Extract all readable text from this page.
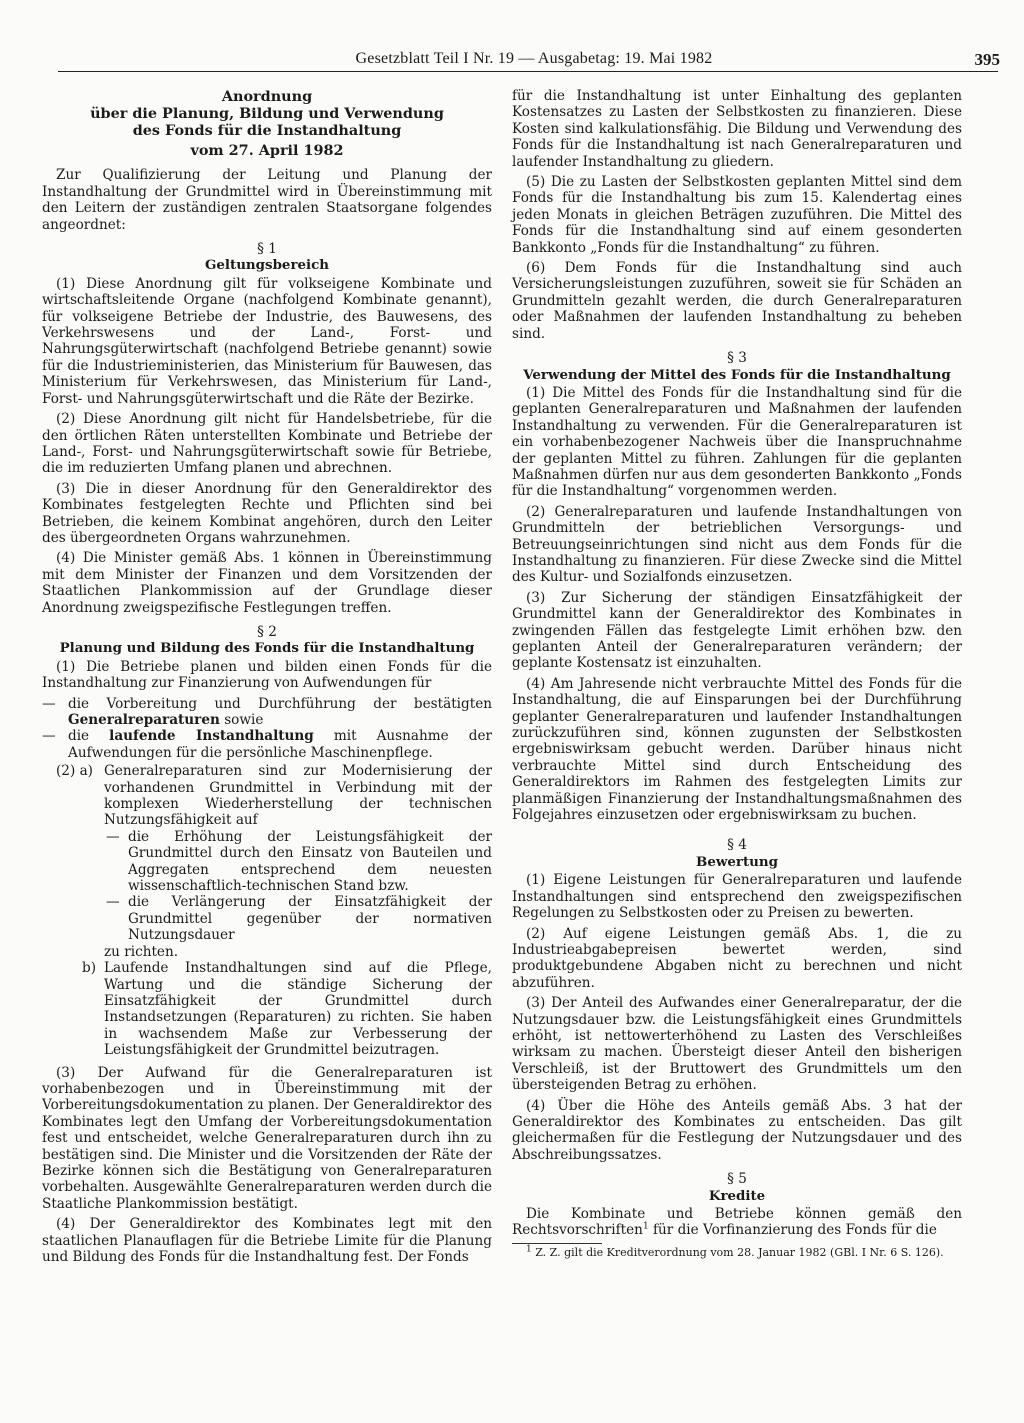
Gesetzblatt Teil I Nr. 19 — Ausgabetag: 19. Mai 1982	395
Anordnung
über die Planung, Bildung und Verwendung
des Fonds für die Instandhaltung
vom 27. April 1982

Zur Qualifizierung der Leitung und Planung der Instandhaltung der Grundmittel wird in Übereinstimmung mit den Leitern der zuständigen zentralen Staatsorgane folgendes angeordnet:

§ 1
Geltungsbereich

(1) Diese Anordnung gilt für volkseigene Kombinate und wirtschaftsleitende Organe (nachfolgend Kombinate genannt), für volkseigene Betriebe der Industrie, des Bauwesens, des Verkehrswesens und der Land-, Forst- und Nahrungsgüterwirtschaft (nachfolgend Betriebe genannt) sowie für die Industrieministerien, das Ministerium für Bauwesen, das Ministerium für Verkehrswesen, das Ministerium für Land-, Forst- und Nahrungsgüterwirtschaft und die Räte der Bezirke.

(2) Diese Anordnung gilt nicht für Handelsbetriebe, für die den örtlichen Räten unterstellten Kombinate und Betriebe der Land-, Forst- und Nahrungsgüterwirtschaft sowie für Betriebe, die im reduzierten Umfang planen und abrechnen.

(3) Die in dieser Anordnung für den Generaldirektor des Kombinates festgelegten Rechte und Pflichten sind bei Betrieben, die keinem Kombinat angehören, durch den Leiter des übergeordneten Organs wahrzunehmen.

(4) Die Minister gemäß Abs. 1 können in Übereinstimmung mit dem Minister der Finanzen und dem Vorsitzenden der Staatlichen Plankommission auf der Grundlage dieser Anordnung zweigspezifische Festlegungen treffen.

§ 2
Planung und Bildung des Fonds für die Instandhaltung

(1) Die Betriebe planen und bilden einen Fonds für die Instandhaltung zur Finanzierung von Aufwendungen für

— die Vorbereitung und Durchführung der bestätigten Generalreparaturen sowie
— die laufende Instandhaltung mit Ausnahme der Aufwendungen für die persönliche Maschinenpflege.
(2) a) Generalreparaturen sind zur Modernisierung der vorhandenen Grundmittel in Verbindung mit der komplexen Wiederherstellung der technischen Nutzungsfähigkeit auf
— die Erhöhung der Leistungsfähigkeit der Grundmittel durch den Einsatz von Bauteilen und Aggregaten entsprechend dem neuesten wissenschaftlich-technischen Stand bzw.
— die Verlängerung der Einsatzfähigkeit der Grundmittel gegenüber der normativen Nutzungsdauer
zu richten.
b) Laufende Instandhaltungen sind auf die Pflege, Wartung und die ständige Sicherung der Einsatzfähigkeit der Grundmittel durch Instandsetzungen (Reparaturen) zu richten. Sie haben in wachsendem Maße zur Verbesserung der Leistungsfähigkeit der Grundmittel beizutragen.

(3) Der Aufwand für die Generalreparaturen ist vorhabenbezogen und in Übereinstimmung mit der Vorbereitungsdokumentation zu planen. Der Generaldirektor des Kombinates legt den Umfang der Vorbereitungsdokumentation fest und entscheidet, welche Generalreparaturen durch ihn zu bestätigen sind. Die Minister und die Vorsitzenden der Räte der Bezirke können sich die Bestätigung von Generalreparaturen vorbehalten. Ausgewählte Generalreparaturen werden durch die Staatliche Plankommission bestätigt.

(4) Der Generaldirektor des Kombinates legt mit den staatlichen Planauflagen für die Betriebe Limite für die Planung und Bildung des Fonds für die Instandhaltung fest. Der Fonds

für die Instandhaltung ist unter Einhaltung des geplanten Kostensatzes zu Lasten der Selbstkosten zu finanzieren. Diese Kosten sind kalkulationsfähig. Die Bildung und Verwendung des Fonds für die Instandhaltung ist nach Generalreparaturen und laufender Instandhaltung zu gliedern.

(5) Die zu Lasten der Selbstkosten geplanten Mittel sind dem Fonds für die Instandhaltung bis zum 15. Kalendertag eines jeden Monats in gleichen Beträgen zuzuführen. Die Mittel des Fonds für die Instandhaltung sind auf einem gesonderten Bankkonto „Fonds für die Instandhaltung“ zu führen.

(6) Dem Fonds für die Instandhaltung sind auch Versicherungsleistungen zuzuführen, soweit sie für Schäden an Grundmitteln gezahlt werden, die durch Generalreparaturen oder Maßnahmen der laufenden Instandhaltung zu beheben sind.

§ 3
Verwendung der Mittel des Fonds für die Instandhaltung

(1) Die Mittel des Fonds für die Instandhaltung sind für die geplanten Generalreparaturen und Maßnahmen der laufenden Instandhaltung zu verwenden. Für die Generalreparaturen ist ein vorhabenbezogener Nachweis über die Inanspruchnahme der geplanten Mittel zu führen. Zahlungen für die geplanten Maßnahmen dürfen nur aus dem gesonderten Bankkonto „Fonds für die Instandhaltung“ vorgenommen werden.

(2) Generalreparaturen und laufende Instandhaltungen von Grundmitteln der betrieblichen Versorgungs- und Betreuungseinrichtungen sind nicht aus dem Fonds für die Instandhaltung zu finanzieren. Für diese Zwecke sind die Mittel des Kultur- und Sozialfonds einzusetzen.

(3) Zur Sicherung der ständigen Einsatzfähigkeit der Grundmittel kann der Generaldirektor des Kombinates in zwingenden Fällen das festgelegte Limit erhöhen bzw. den geplanten Anteil der Generalreparaturen verändern; der geplante Kostensatz ist einzuhalten.

(4) Am Jahresende nicht verbrauchte Mittel des Fonds für die Instandhaltung, die auf Einsparungen bei der Durchführung geplanter Generalreparaturen und laufender Instandhaltungen zurückzuführen sind, können zugunsten der Selbstkosten ergebniswirksam gebucht werden. Darüber hinaus nicht verbrauchte Mittel sind durch Entscheidung des Generaldirektors im Rahmen des festgelegten Limits zur planmäßigen Finanzierung der Instandhaltungsmaßnahmen des Folgejahres einzusetzen oder ergebniswirksam zu buchen.

§ 4
Bewertung

(1) Eigene Leistungen für Generalreparaturen und laufende Instandhaltungen sind entsprechend den zweigspezifischen Regelungen zu Selbstkosten oder zu Preisen zu bewerten.

(2) Auf eigene Leistungen gemäß Abs. 1, die zu Industrieabgabepreisen bewertet werden, sind produktgebundene Abgaben nicht zu berechnen und nicht abzuführen.

(3) Der Anteil des Aufwandes einer Generalreparatur, der die Nutzungsdauer bzw. die Leistungsfähigkeit eines Grundmittels erhöht, ist nettowerterhöhend zu Lasten des Verschleißes wirksam zu machen. Übersteigt dieser Anteil den bisherigen Verschleiß, ist der Bruttowert des Grundmittels um den übersteigenden Betrag zu erhöhen.

(4) Über die Höhe des Anteils gemäß Abs. 3 hat der Generaldirektor des Kombinates zu entscheiden. Das gilt gleichermaßen für die Festlegung der Nutzungsdauer und des Abschreibungssatzes.

§ 5
Kredite

Die Kombinate und Betriebe können gemäß den Rechtsvorschriften$^1$ für die Vorfinanzierung des Fonds für die

$^1$ Z. Z. gilt die Kreditverordnung vom 28. Januar 1982 (GBl. I Nr. 6 S. 126).
